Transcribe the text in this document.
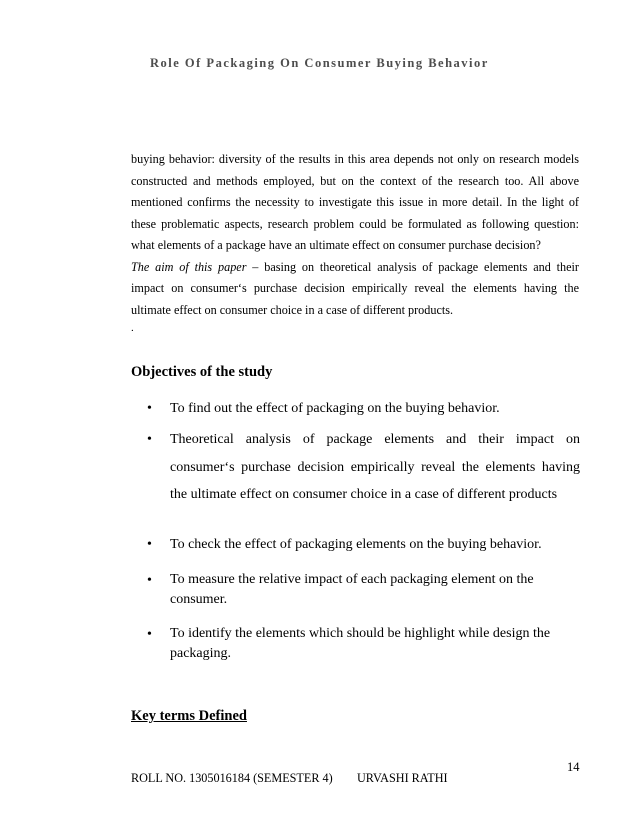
Role Of Packaging On Consumer Buying Behavior
buying behavior: diversity of the results in this area depends not only on research models
constructed and methods employed, but on the context of the research too. All above
mentioned confirms the necessity to investigate this issue in more detail. In the light of
these problematic aspects, research problem could be formulated as following question:
what elements of a package have an ultimate effect on consumer purchase decision?
The aim of this paper – basing on theoretical analysis of package elements and their
impact on consumer‘s purchase decision empirically reveal the elements having the
ultimate effect on consumer choice in a case of different products.
.
Objectives of the study
• To find out the effect of packaging on the buying behavior.
• Theoretical analysis of package elements and their impact on
consumer‘s purchase decision empirically reveal the elements having
the ultimate effect on consumer choice in a case of different products
• To check the effect of packaging elements on the buying behavior.
• To measure the relative impact of each packaging element on the
consumer.
• To identify the elements which should be highlight while design the
packaging.
Key terms Defined
14
ROLL NO. 1305016184 (SEMESTER 4) URVASHI RATHI
